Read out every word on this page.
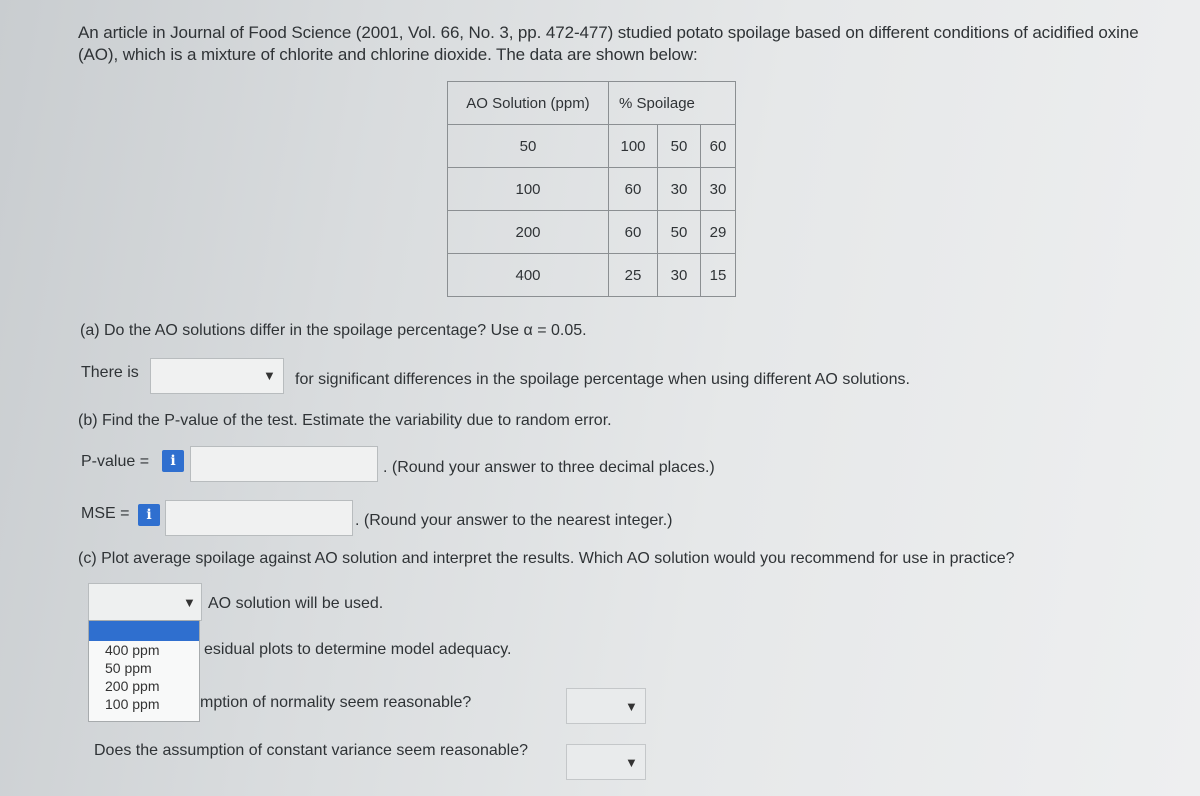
An article in Journal of Food Science (2001, Vol. 66, No. 3, pp. 472-477) studied potato spoilage based on different conditions of acidified oxine (AO), which is a mixture of chlorite and chlorine dioxide. The data are shown below:
AO Solution (ppm)	% Spoilage		
50	100	50	60
100	60	30	30
200	60	50	29
400	25	30	15
(a) Do the AO solutions differ in the spoilage percentage? Use α = 0.05.
There is	▼ for significant differences in the spoilage percentage when using different AO solutions.
(b) Find the P-value of the test. Estimate the variability due to random error.
P-value =	i	. (Round your answer to three decimal places.)
MSE =	i	. (Round your answer to the nearest integer.)
(c) Plot average spoilage against AO solution and interpret the results. Which AO solution would you recommend for use in practice?
▼ AO solution will be used.
400 ppm
50 ppm
200 ppm
100 ppm
esidual plots to determine model adequacy.
mption of normality seem reasonable?	▼
Does the assumption of constant variance seem reasonable?
▼
